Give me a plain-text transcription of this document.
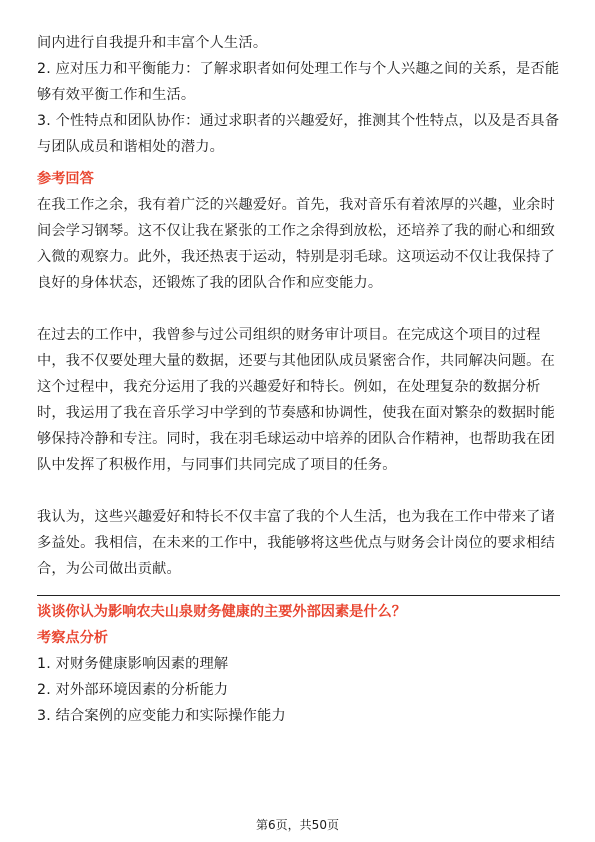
间内进行自我提升和丰富个人生活。
2. 应对压力和平衡能力：了解求职者如何处理工作与个人兴趣之间的关系，是否能
够有效平衡工作和生活。
3. 个性特点和团队协作：通过求职者的兴趣爱好，推测其个性特点，以及是否具备
与团队成员和谐相处的潜力。
参考回答
在我工作之余，我有着广泛的兴趣爱好。首先，我对音乐有着浓厚的兴趣，业余时
间会学习钢琴。这不仅让我在紧张的工作之余得到放松，还培养了我的耐心和细致
入微的观察力。此外，我还热衷于运动，特别是羽毛球。这项运动不仅让我保持了
良好的身体状态，还锻炼了我的团队合作和应变能力。
在过去的工作中，我曾参与过公司组织的财务审计项目。在完成这个项目的过程
中，我不仅要处理大量的数据，还要与其他团队成员紧密合作，共同解决问题。在
这个过程中，我充分运用了我的兴趣爱好和特长。例如，在处理复杂的数据分析
时，我运用了我在音乐学习中学到的节奏感和协调性，使我在面对繁杂的数据时能
够保持冷静和专注。同时，我在羽毛球运动中培养的团队合作精神，也帮助我在团
队中发挥了积极作用，与同事们共同完成了项目的任务。
我认为，这些兴趣爱好和特长不仅丰富了我的个人生活，也为我在工作中带来了诸
多益处。我相信，在未来的工作中，我能够将这些优点与财务会计岗位的要求相结
合，为公司做出贡献。
谈谈你认为影响农夫山泉财务健康的主要外部因素是什么？
考察点分析
1. 对财务健康影响因素的理解
2. 对外部环境因素的分析能力
3. 结合案例的应变能力和实际操作能力
第6页，共50页
